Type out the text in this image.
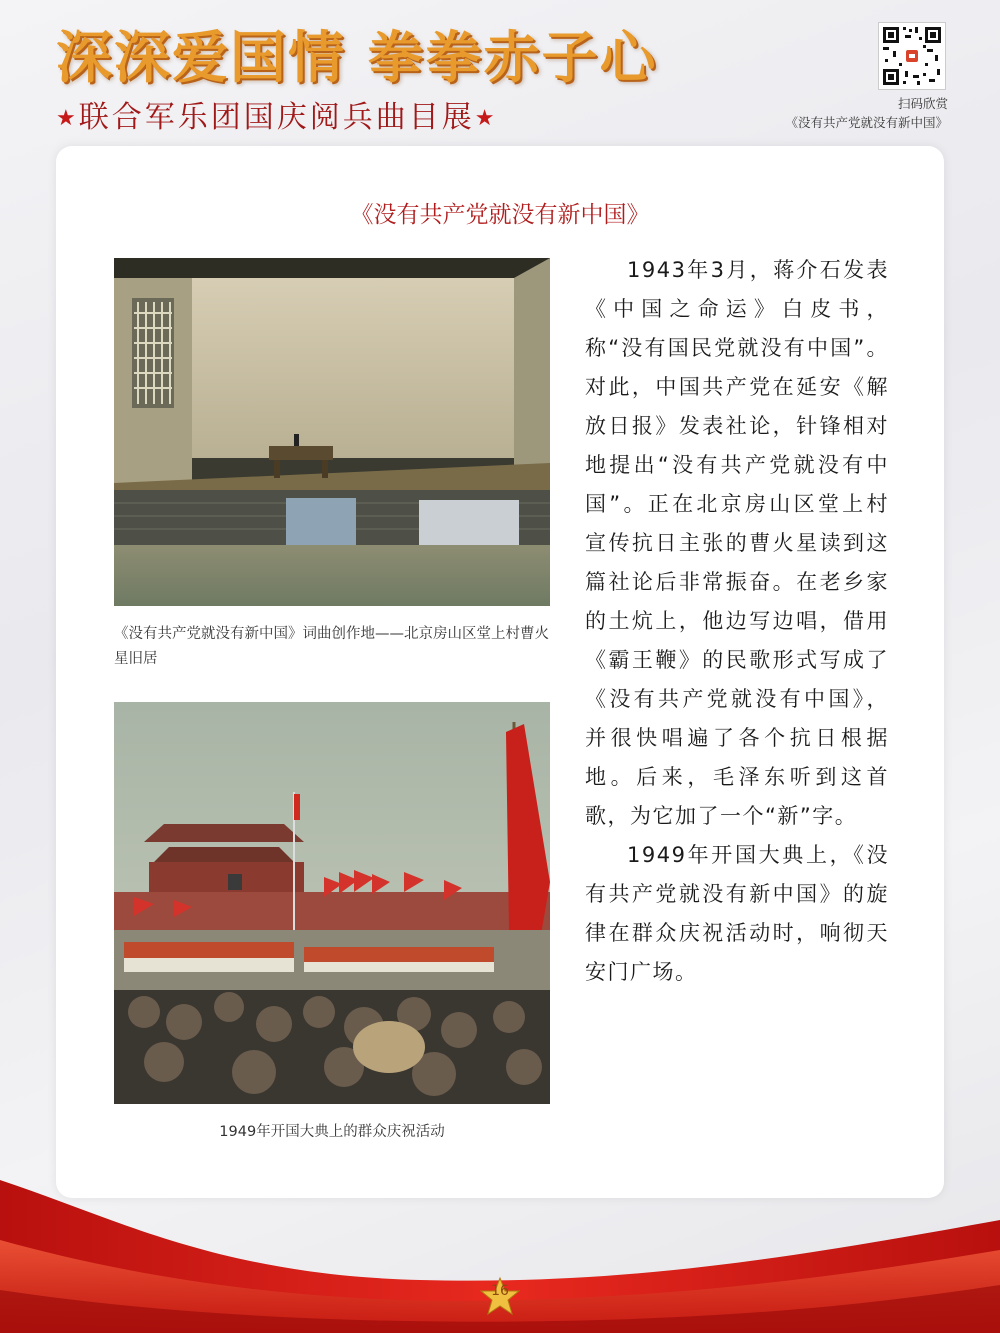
深深爱国情 拳拳赤子心
★联合军乐团国庆阅兵曲目展★
扫码欣赏
《没有共产党就没有新中国》
《没有共产党就没有新中国》
《没有共产党就没有新中国》词曲创作地——北京房山区堂上村曹火星旧居
1949年开国大典上的群众庆祝活动

1943年3月，蒋介石发表《中国之命运》白皮书，称“没有国民党就没有中国”。对此，中国共产党在延安《解放日报》发表社论，针锋相对地提出“没有共产党就没有中国”。正在北京房山区堂上村宣传抗日主张的曹火星读到这篇社论后非常振奋。在老乡家的土炕上，他边写边唱，借用《霸王鞭》的民歌形式写成了《没有共产党就没有中国》，并很快唱遍了各个抗日根据地。后来，毛泽东听到这首歌，为它加了一个“新”字。

1949年开国大典上，《没有共产党就没有新中国》的旋律在群众庆祝活动时，响彻天安门广场。

16
